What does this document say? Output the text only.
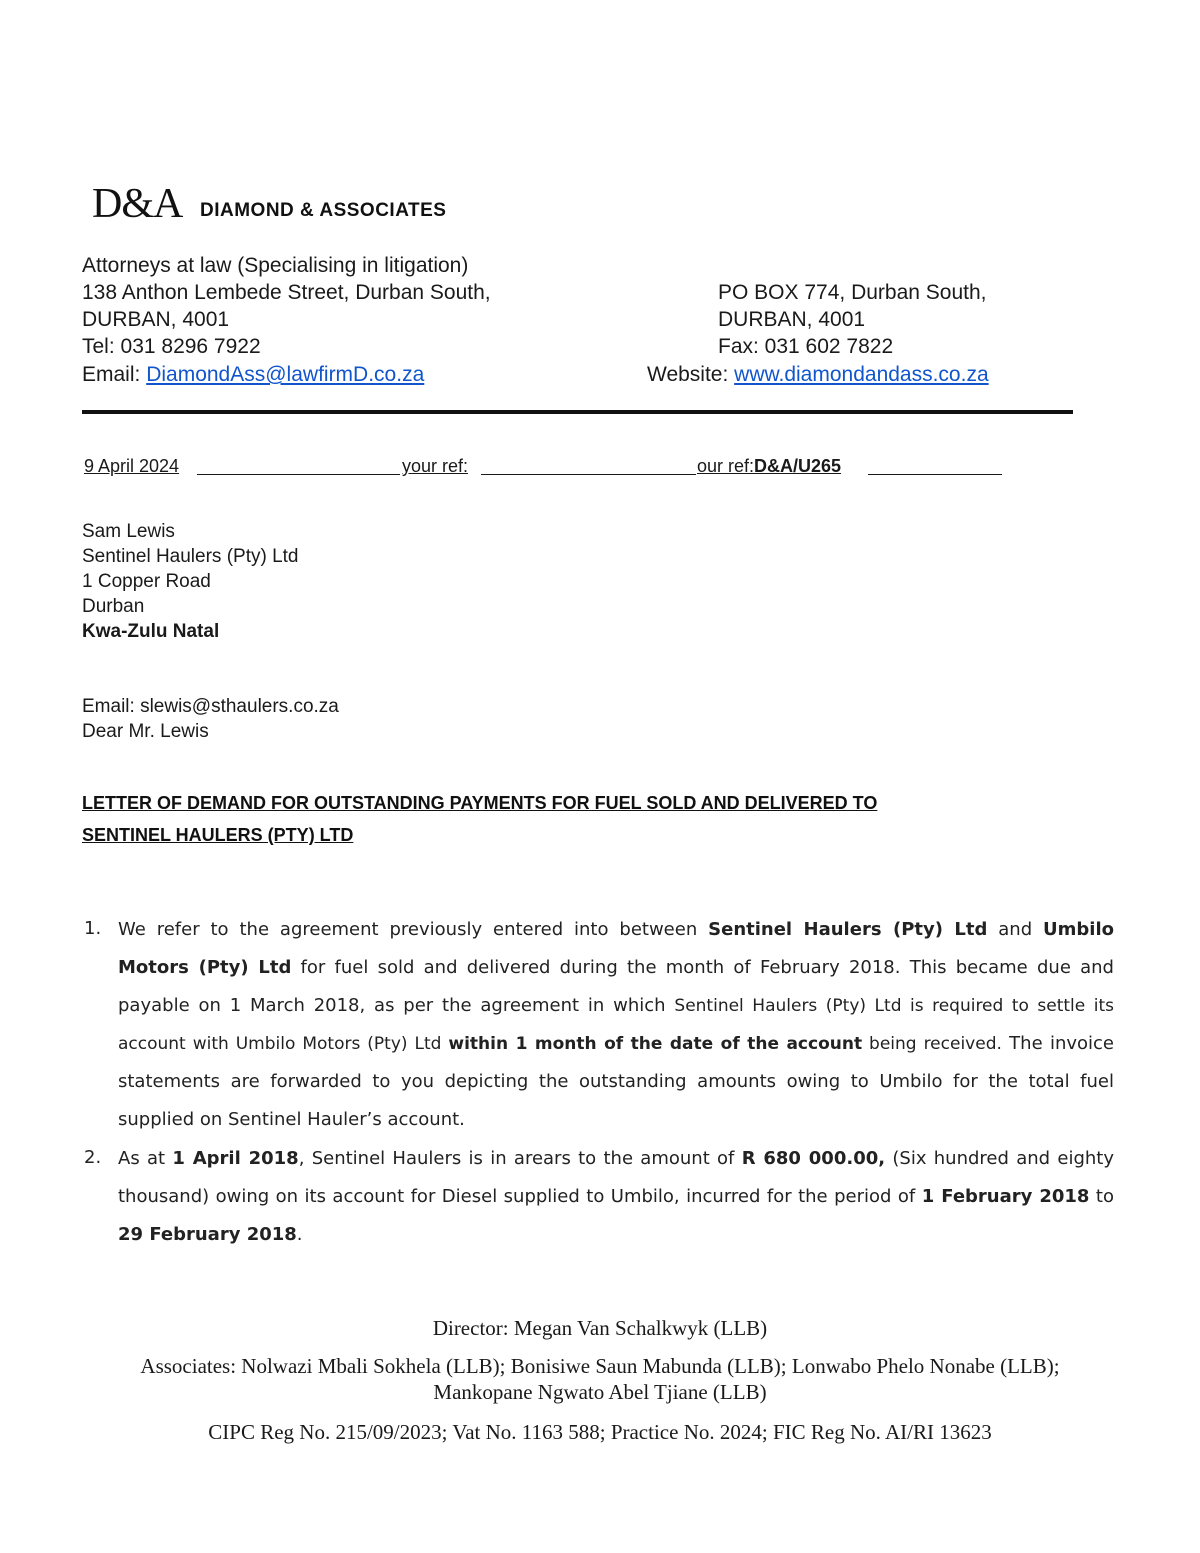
D&A DIAMOND & ASSOCIATES
Attorneys at law (Specialising in litigation)
138 Anthon Lembede Street, Durban South,
DURBAN, 4001
Tel: 031 8296 7922
Email: DiamondAss@lawfirmD.co.za
PO BOX 774, Durban South,
DURBAN, 4001
Fax: 031 602 7822
Website: www.diamondandass.co.za
9 April 2024	your ref:	our ref:D&A/U265
Sam Lewis
Sentinel Haulers (Pty) Ltd
1 Copper Road
Durban
Kwa-Zulu Natal
Email: slewis@sthaulers.co.za
Dear Mr. Lewis
LETTER OF DEMAND FOR OUTSTANDING PAYMENTS FOR FUEL SOLD AND DELIVERED TO
SENTINEL HAULERS (PTY) LTD
1. We refer to the agreement previously entered into between Sentinel Haulers (Pty) Ltd and Umbilo Motors (Pty) Ltd for fuel sold and delivered during the month of February 2018. This became due and payable on 1 March 2018, as per the agreement in which Sentinel Haulers (Pty) Ltd is required to settle its account with Umbilo Motors (Pty) Ltd within 1 month of the date of the account being received. The invoice statements are forwarded to you depicting the outstanding amounts owing to Umbilo for the total fuel supplied on Sentinel Hauler’s account.
2. As at 1 April 2018, Sentinel Haulers is in arears to the amount of R 680 000.00, (Six hundred and eighty thousand) owing on its account for Diesel supplied to Umbilo, incurred for the period of 1 February 2018 to 29 February 2018.
Director: Megan Van Schalkwyk (LLB)
Associates: Nolwazi Mbali Sokhela (LLB); Bonisiwe Saun Mabunda (LLB); Lonwabo Phelo Nonabe (LLB);
Mankopane Ngwato Abel Tjiane (LLB)
CIPC Reg No. 215/09/2023; Vat No. 1163 588; Practice No. 2024; FIC Reg No. AI/RI 13623
